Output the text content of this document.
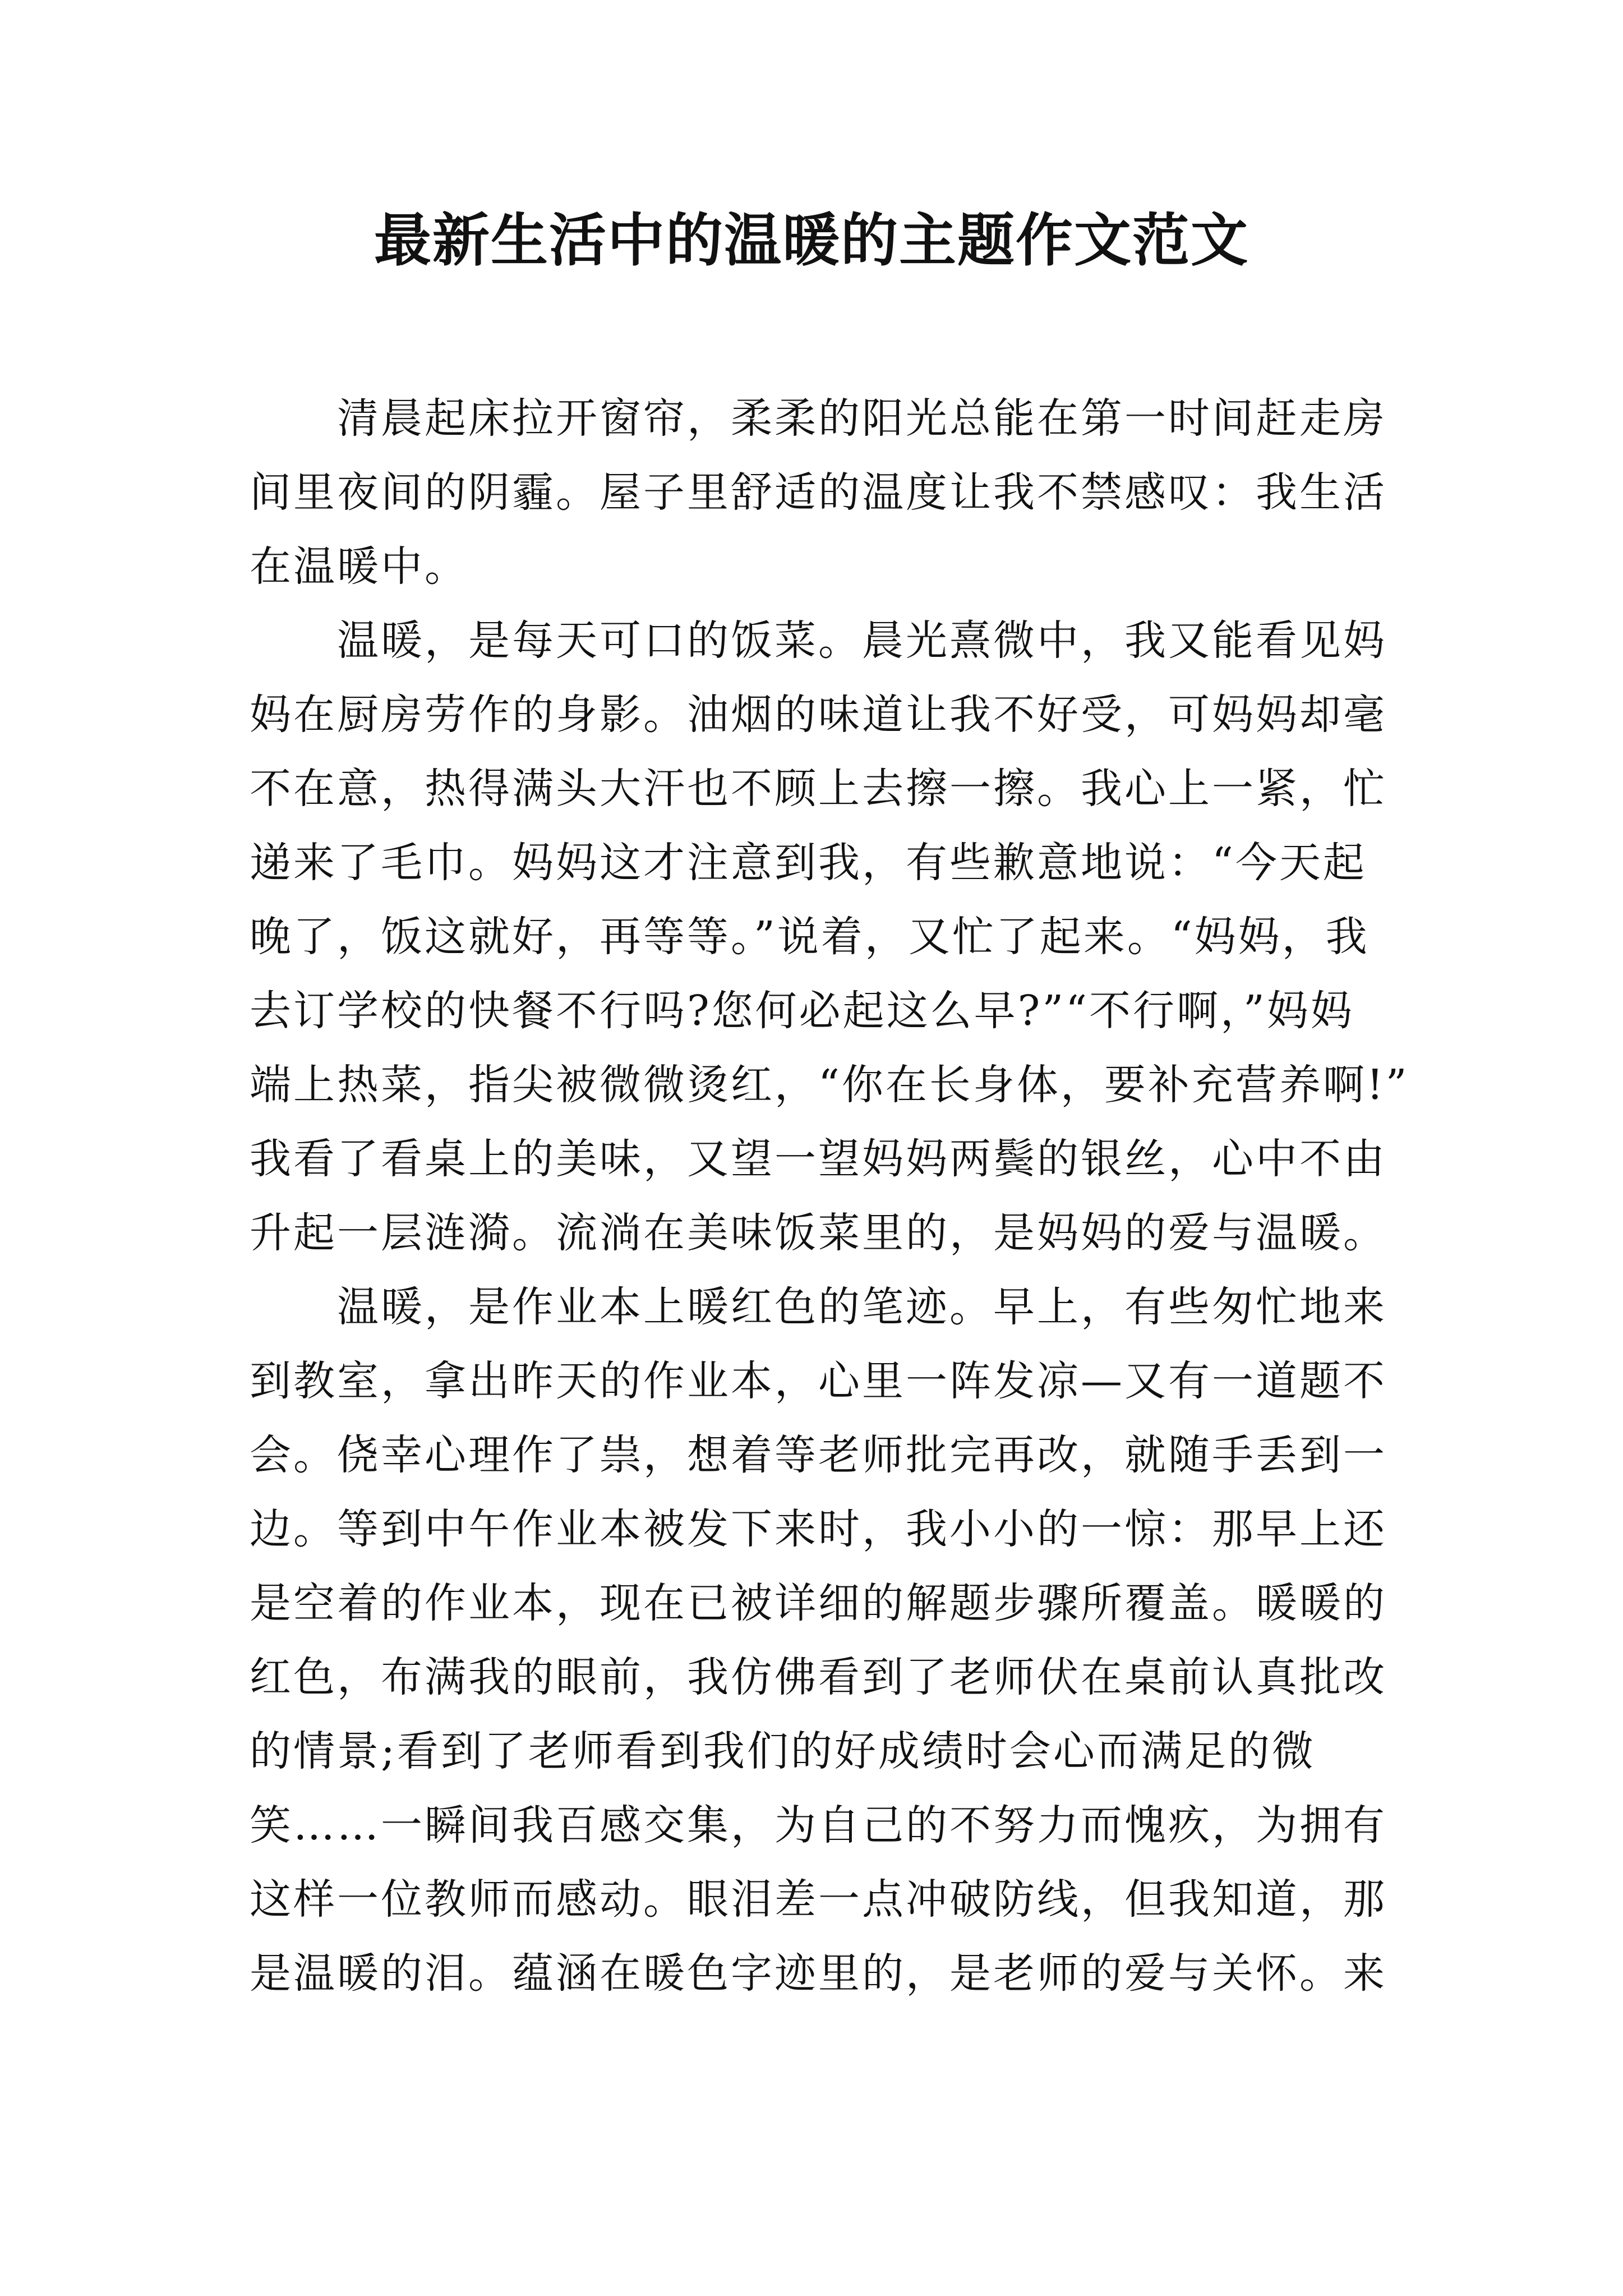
最新生活中的温暖的主题作文范文
清晨起床拉开窗帘，柔柔的阳光总能在第一时间赶走房
间里夜间的阴霾。屋子里舒适的温度让我不禁感叹：我生活
在温暖中。
温暖，是每天可口的饭菜。晨光熹微中，我又能看见妈
妈在厨房劳作的身影。油烟的味道让我不好受，可妈妈却毫
不在意，热得满头大汗也不顾上去擦一擦。我心上一紧，忙
递来了毛巾。妈妈这才注意到我，有些歉意地说：“今天起
晚了，饭这就好，再等等。”说着，又忙了起来。“妈妈，我
去订学校的快餐不行吗?您何必起这么早?”“不行啊，”妈妈
端上热菜，指尖被微微烫红，“你在长身体，要补充营养啊!”
我看了看桌上的美味，又望一望妈妈两鬓的银丝，心中不由
升起一层涟漪。流淌在美味饭菜里的，是妈妈的爱与温暖。
温暖，是作业本上暖红色的笔迹。早上，有些匆忙地来
到教室，拿出昨天的作业本，心里一阵发凉—又有一道题不
会。侥幸心理作了祟，想着等老师批完再改，就随手丢到一
边。等到中午作业本被发下来时，我小小的一惊：那早上还
是空着的作业本，现在已被详细的解题步骤所覆盖。暖暖的
红色，布满我的眼前，我仿佛看到了老师伏在桌前认真批改
的情景;看到了老师看到我们的好成绩时会心而满足的微
笑……一瞬间我百感交集，为自己的不努力而愧疚，为拥有
这样一位教师而感动。眼泪差一点冲破防线，但我知道，那
是温暖的泪。蕴涵在暖色字迹里的，是老师的爱与关怀。来
